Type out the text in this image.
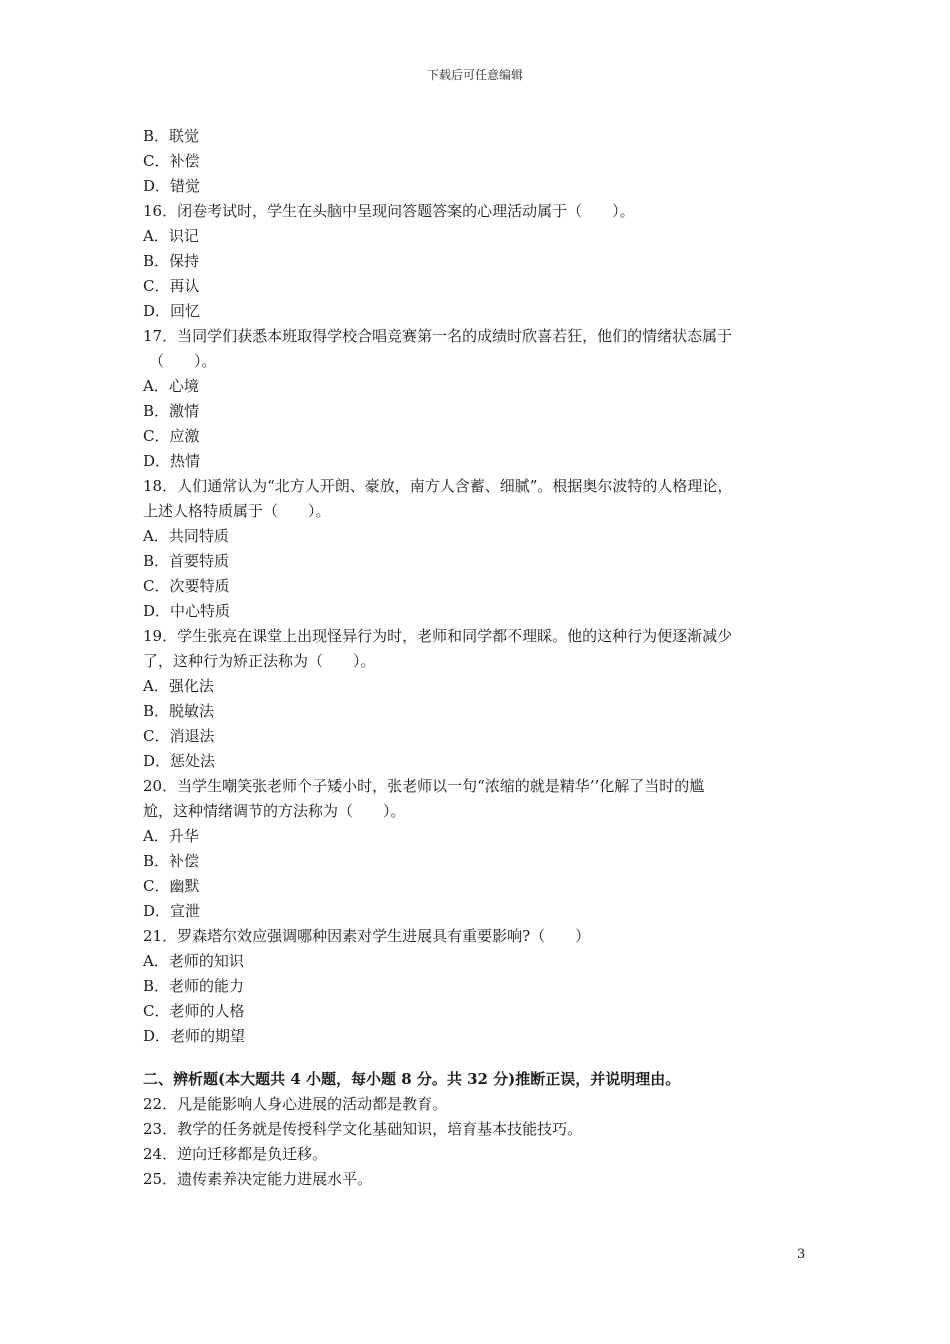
下载后可任意编辑
B．联觉
C．补偿
D．错觉
16．闭卷考试时，学生在头脑中呈现问答题答案的心理活动属于（　　）。
A．识记
B．保持
C．再认
D．回忆
17．当同学们获悉本班取得学校合唱竞赛第一名的成绩时欣喜若狂，他们的情绪状态属于
（　　）。
A．心境
B．激情
C．应激
D．热情
18．人们通常认为“北方人开朗、豪放，南方人含蓄、细腻”。根据奥尔波特的人格理论，
上述人格特质属于（　　）。
A．共同特质
B．首要特质
C．次要特质
D．中心特质
19．学生张亮在课堂上出现怪异行为时，老师和同学都不理睬。他的这种行为便逐渐减少
了，这种行为矫正法称为（　　）。
A．强化法
B．脱敏法
C．消退法
D．惩处法
20．当学生嘲笑张老师个子矮小时，张老师以一句“浓缩的就是精华’’化解了当时的尴
尬，这种情绪调节的方法称为（　　）。
A．升华
B．补偿
C．幽默
D．宣泄
21．罗森塔尔效应强调哪种因素对学生进展具有重要影响?（　　）
A．老师的知识
B．老师的能力
C．老师的人格
D．老师的期望
二、辨析题(本大题共 4 小题，每小题 8 分。共 32 分)推断正误，并说明理由。
22．凡是能影响人身心进展的活动都是教育。
23．教学的任务就是传授科学文化基础知识，培育基本技能技巧。
24．逆向迁移都是负迁移。
25．遗传素养决定能力进展水平。
3
